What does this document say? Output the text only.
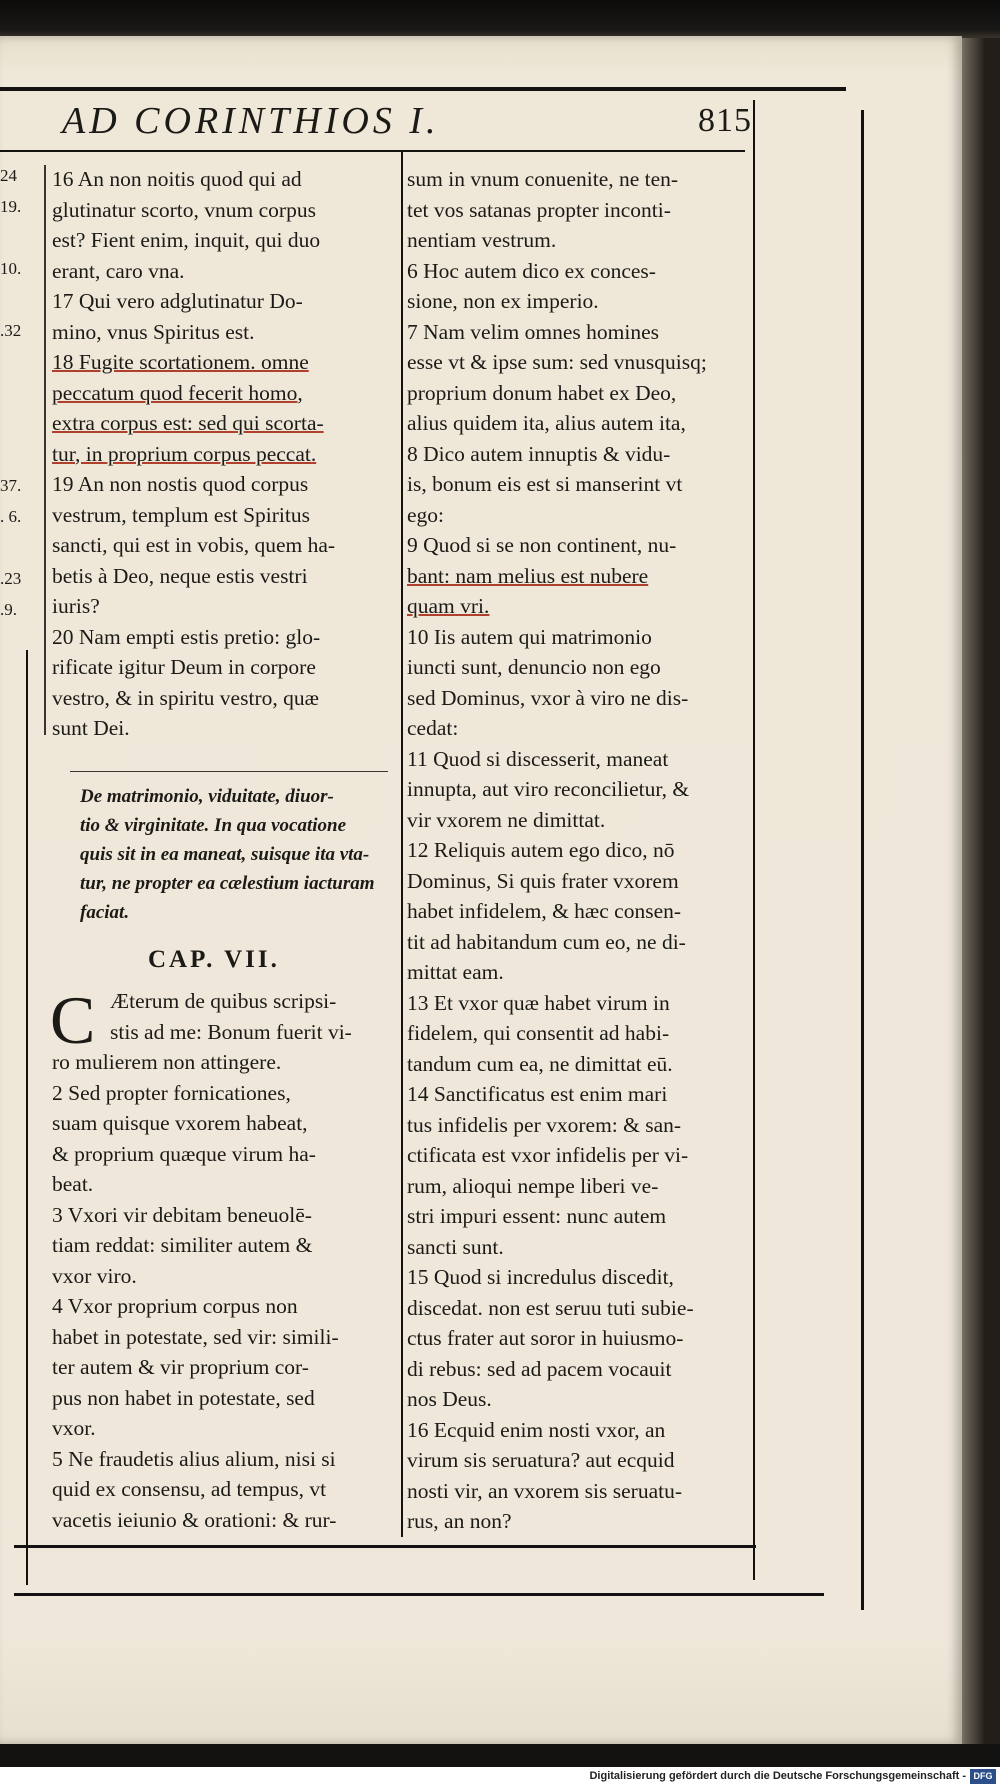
AD CORINTHIOS I.	815
24
19.
10.
.32
37.
. 6.
.23
.9.
16 An non noitis quod qui ad
glutinatur scorto, vnum corpus
est? Fient enim, inquit, qui duo
erant, caro vna.
17 Qui vero adglutinatur Do-
mino, vnus Spiritus est.
18 Fugite scortationem. omne
peccatum quod fecerit homo,
extra corpus est: sed qui scorta-
tur, in proprium corpus peccat.
19 An non nostis quod corpus
vestrum, templum est Spiritus
sancti, qui est in vobis, quem ha-
betis à Deo, neque estis vestri
iuris?
20 Nam empti estis pretio: glo-
rificate igitur Deum in corpore
vestro, & in spiritu vestro, quæ
sunt Dei.
De matrimonio, viduitate, diuor-
tio & virginitate. In qua vocatione
quis sit in ea maneat, suisque ita vta-
tur, ne propter ea cælestium iacturam
faciat.
CAP. VII.
C Æterum de quibus scripsi-
stis ad me: Bonum fuerit vi-
ro mulierem non attingere.
2 Sed propter fornicationes,
suam quisque vxorem habeat,
& proprium quæque virum ha-
beat.
3 Vxori vir debitam beneuolē-
tiam reddat: similiter autem &
vxor viro.
4 Vxor proprium corpus non
habet in potestate, sed vir: simili-
ter autem & vir proprium cor-
pus non habet in potestate, sed
vxor.
5 Ne fraudetis alius alium, nisi si
quid ex consensu, ad tempus, vt
vacetis ieiunio & orationi: & rur-
sum in vnum conuenite, ne ten-
tet vos satanas propter inconti-
nentiam vestrum.
6 Hoc autem dico ex conces-
sione, non ex imperio.
7 Nam velim omnes homines
esse vt & ipse sum: sed vnusquisq;
proprium donum habet ex Deo,
alius quidem ita, alius autem ita,
8 Dico autem innuptis & vidu-
is, bonum eis est si manserint vt
ego:
9 Quod si se non continent, nu-
bant: nam melius est nubere
quam vri.
10 Iis autem qui matrimonio
iuncti sunt, denuncio non ego
sed Dominus, vxor à viro ne dis-
cedat:
11 Quod si discesserit, maneat
innupta, aut viro reconcilietur, &
vir vxorem ne dimittat.
12 Reliquis autem ego dico, nō
Dominus, Si quis frater vxorem
habet infidelem, & hæc consen-
tit ad habitandum cum eo, ne di-
mittat eam.
13 Et vxor quæ habet virum in
fidelem, qui consentit ad habi-
tandum cum ea, ne dimittat eū.
14 Sanctificatus est enim mari
tus infidelis per vxorem: & san-
ctificata est vxor infidelis per vi-
rum, alioqui nempe liberi ve-
stri impuri essent: nunc autem
sancti sunt.
15 Quod si incredulus discedit,
discedat. non est seruu tuti subie-
ctus frater aut soror in huiusmo-
di rebus: sed ad pacem vocauit
nos Deus.
16 Ecquid enim nosti vxor, an
virum sis seruatura? aut ecquid
nosti vir, an vxorem sis seruatu-
rus, an non?
Digitalisierung gefördert durch die Deutsche Forschungsgemeinschaft - DFG
